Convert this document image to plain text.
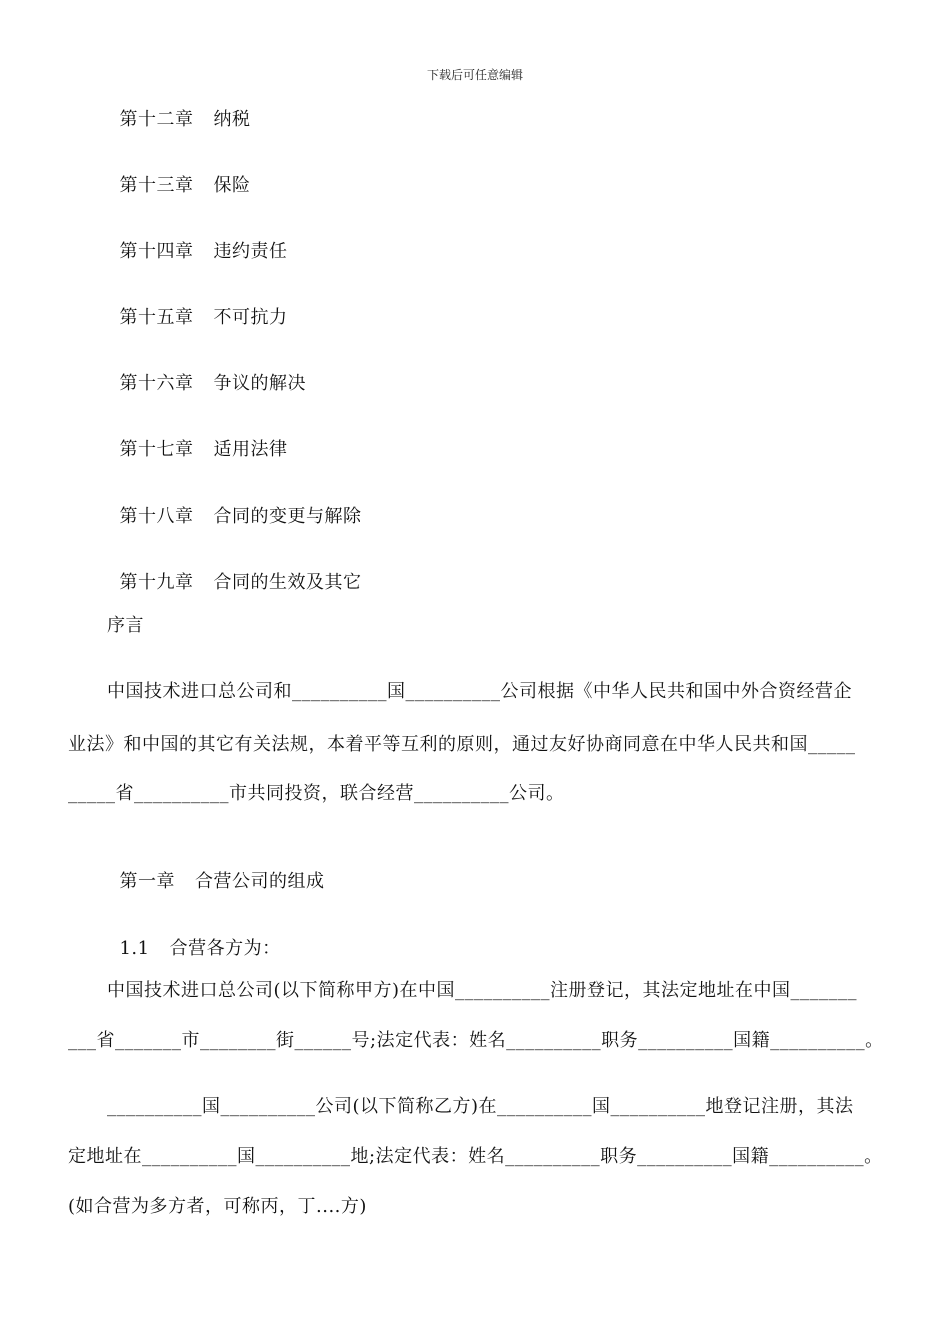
下载后可任意编辑

第十二章 纳税

第十三章 保险

第十四章 违约责任

第十五章 不可抗力

第十六章 争议的解决

第十七章 适用法律

第十八章 合同的变更与解除

第十九章 合同的生效及其它

序言
中国技术进口总公司和__________国__________公司根据《中华人民共和国中外合资经营企
业法》和中国的其它有关法规，本着平等互利的原则，通过友好协商同意在中华人民共和国_____
_____省__________市共同投资，联合经营__________公司。

第一章 合营公司的组成

1.1 合营各方为：

中国技术进口总公司(以下简称甲方)在中国__________注册登记，其法定地址在中国_______
___省_______市________街______号;法定代表：姓名__________职务__________国籍__________。
__________国__________公司(以下简称乙方)在__________国__________地登记注册，其法
定地址在__________国__________地;法定代表：姓名__________职务__________国籍__________。
(如合营为多方者，可称丙，丁....方)
